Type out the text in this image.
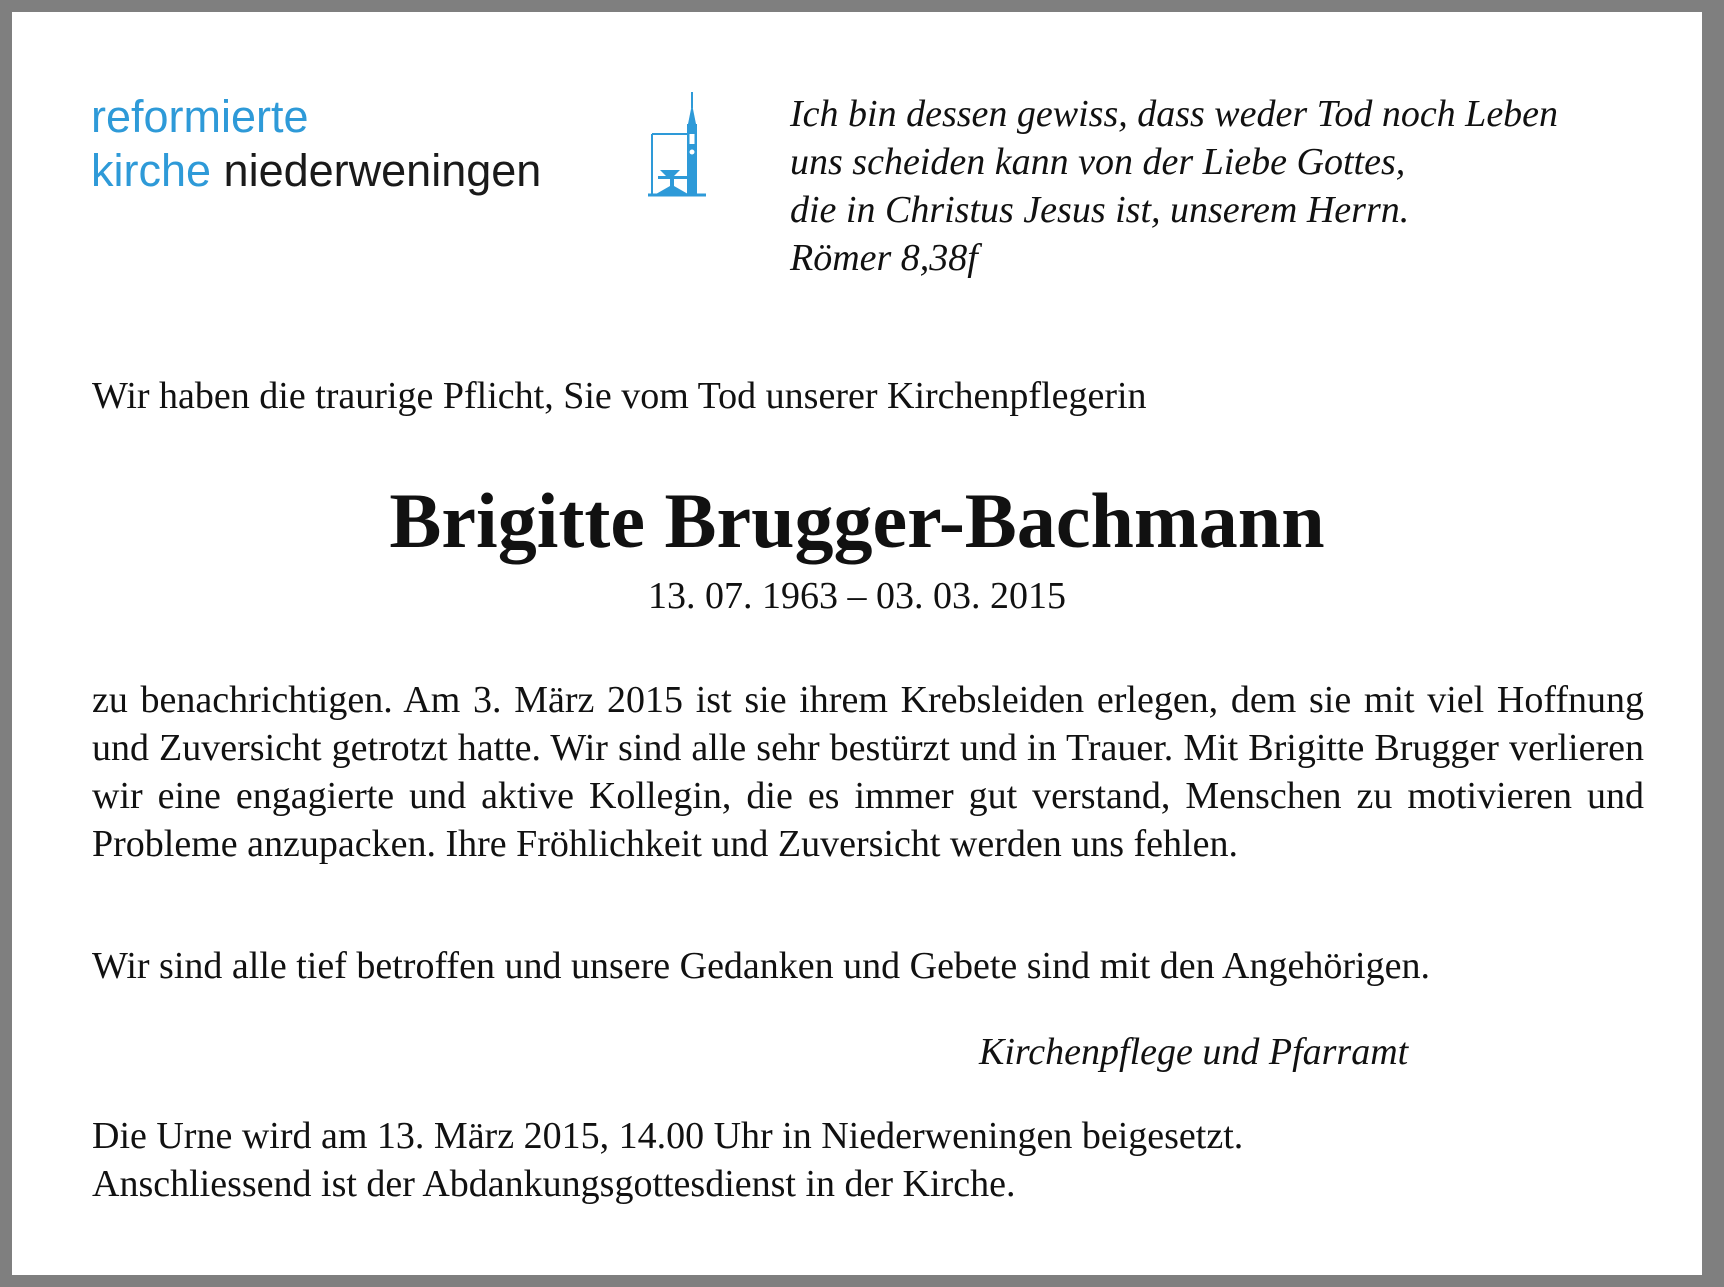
reformierte
kirche niederweningen
Ich bin dessen gewiss, dass weder Tod noch Leben
uns scheiden kann von der Liebe Gottes,
die in Christus Jesus ist, unserem Herrn.
Römer 8,38f
Wir haben die traurige Pflicht, Sie vom Tod unserer Kirchenpflegerin
Brigitte Brugger-Bachmann
13. 07. 1963 – 03. 03. 2015
zu benachrichtigen. Am 3. März 2015 ist sie ihrem Krebsleiden erlegen, dem sie mit viel Hoffnung und Zuversicht getrotzt hatte. Wir sind alle sehr bestürzt und in Trauer. Mit Brigitte Brugger verlieren wir eine engagierte und aktive Kollegin, die es immer gut verstand, Menschen zu motivieren und Probleme anzupacken. Ihre Fröhlichkeit und Zuversicht werden uns fehlen.
Wir sind alle tief betroffen und unsere Gedanken und Gebete sind mit den Angehörigen.
Kirchenpflege und Pfarramt
Die Urne wird am 13. März 2015, 14.00 Uhr in Niederweningen beigesetzt.
Anschliessend ist der Abdankungsgottesdienst in der Kirche.
